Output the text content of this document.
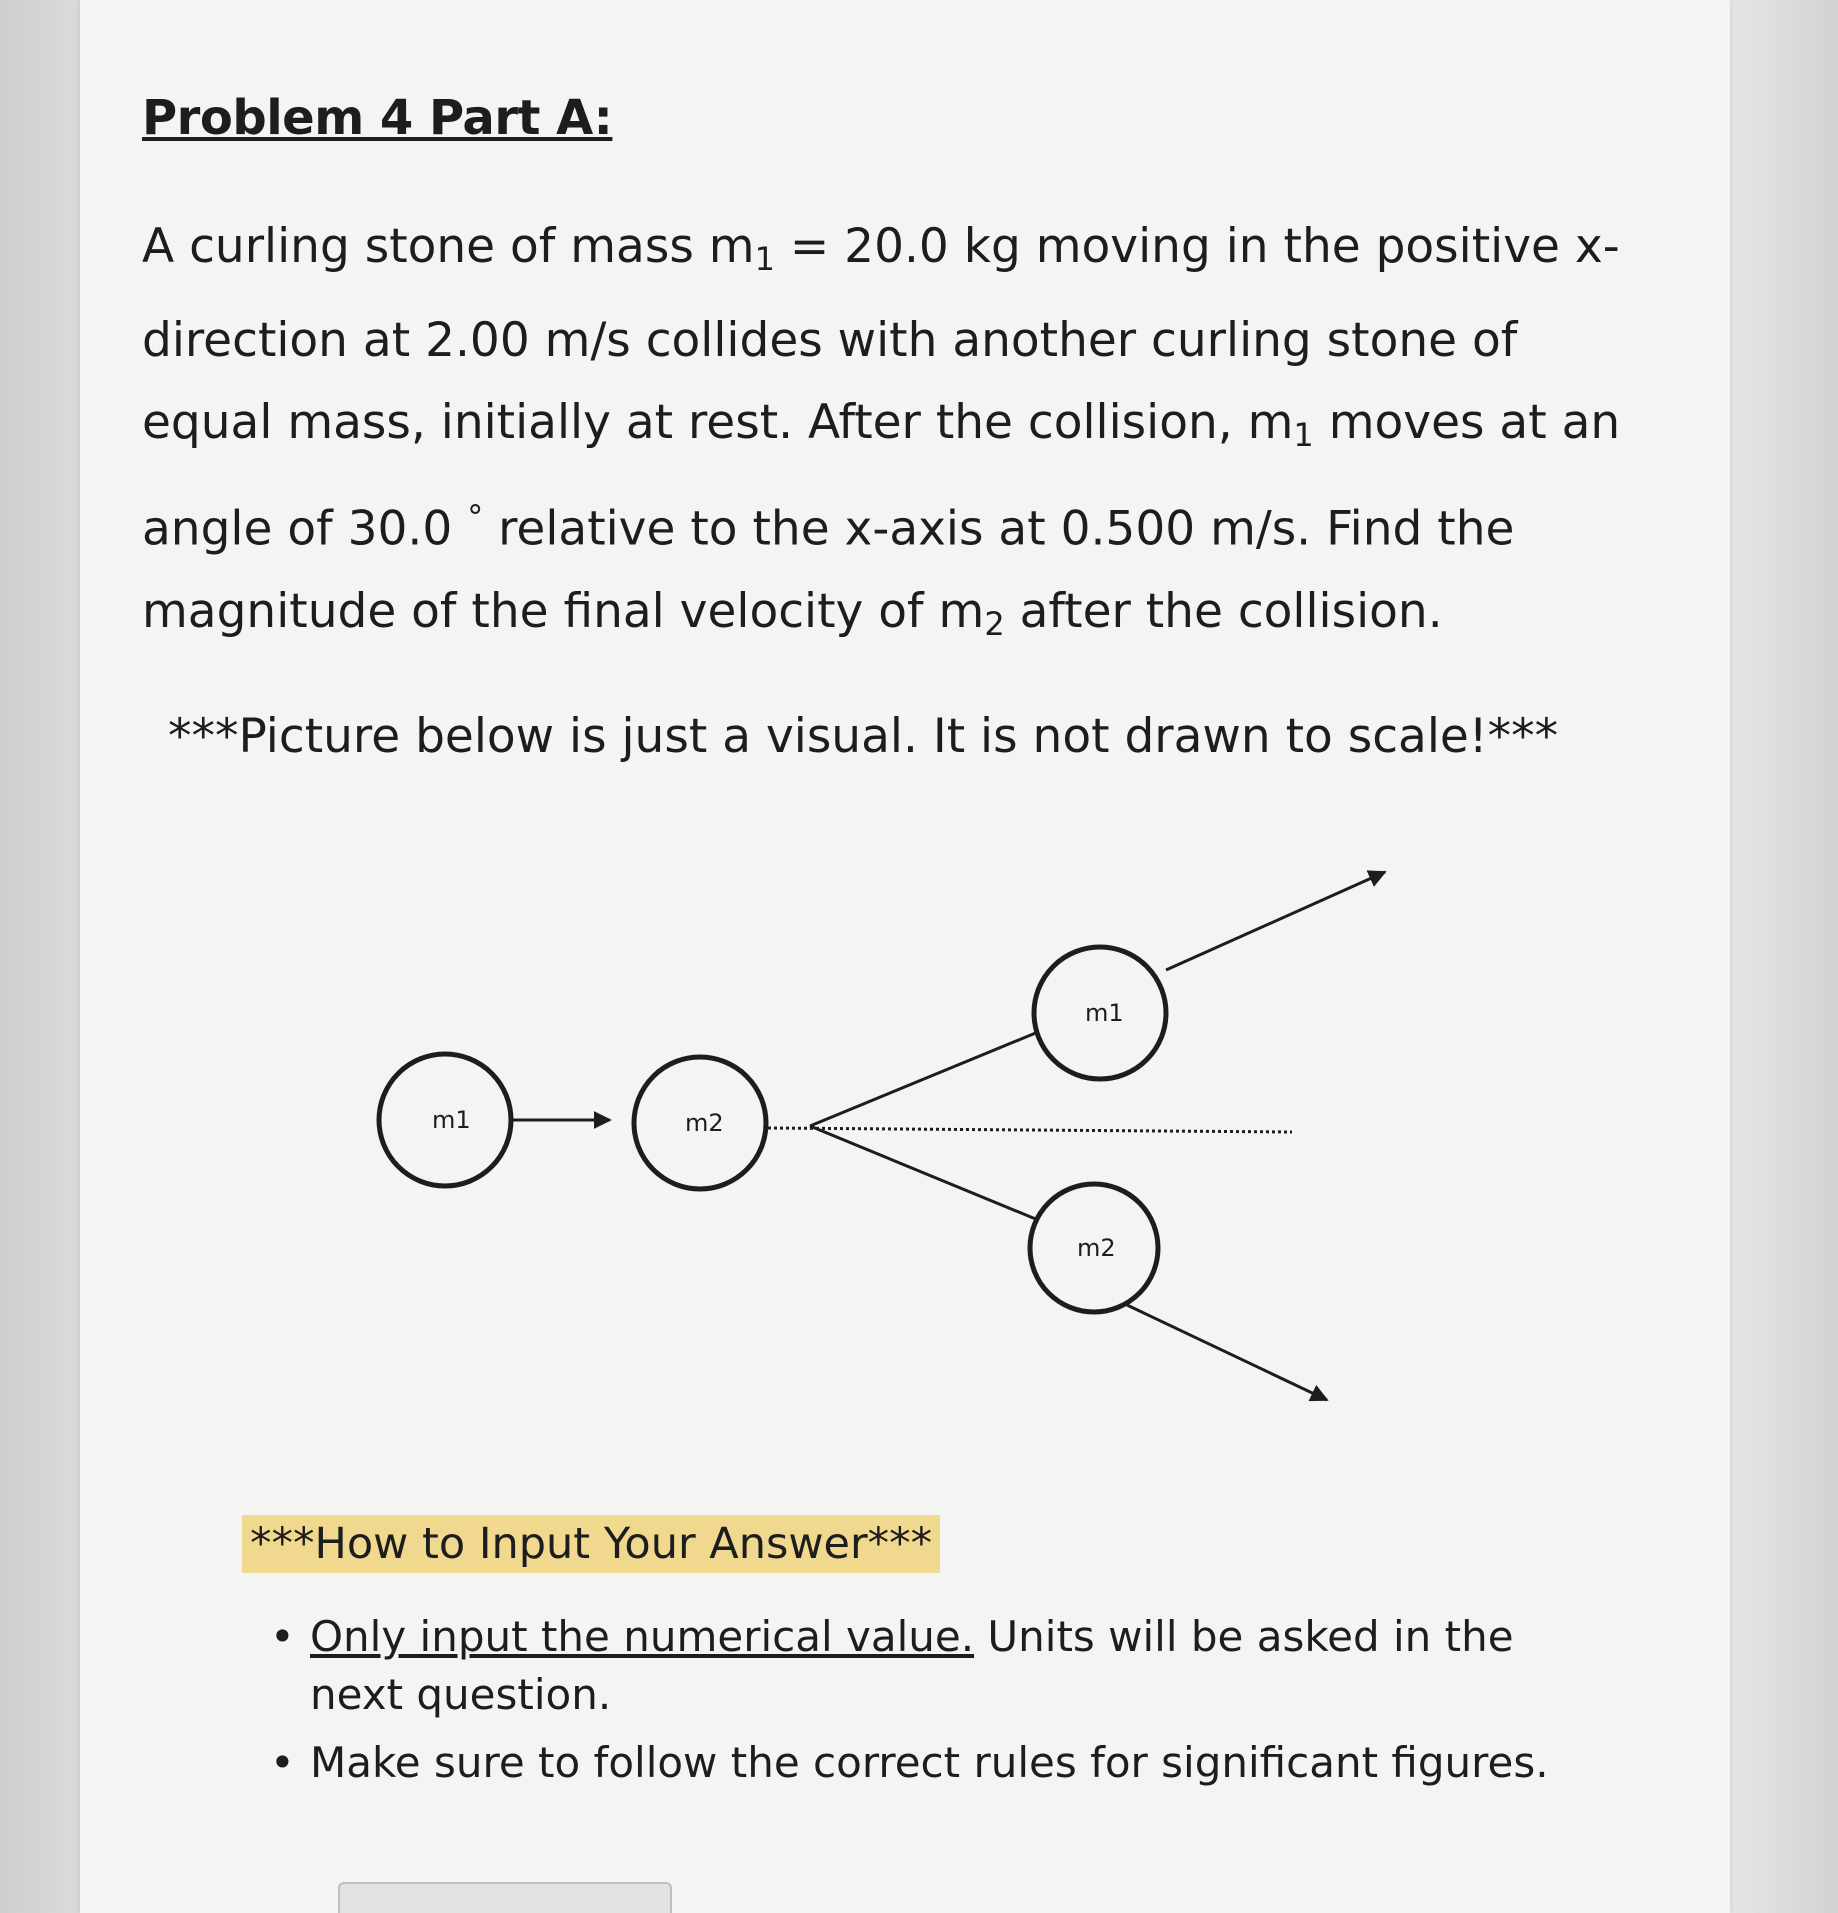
Problem 4 Part A:

A curling stone of mass $m_1 = 20.0$ kg moving in the positive x-direction at 2.00 m/s collides with another curling stone of equal mass, initially at rest. After the collision, $m_1$ moves at an angle of 30.0 ° relative to the x-axis at 0.500 m/s. Find the magnitude of the final velocity of $m_2$ after the collision.

***Picture below is just a visual. It is not drawn to scale!***
m1	m2
m1
m2
***How to Input Your Answer***
• Only input the numerical value. Units will be asked in the next question.
• Make sure to follow the correct rules for significant figures.
